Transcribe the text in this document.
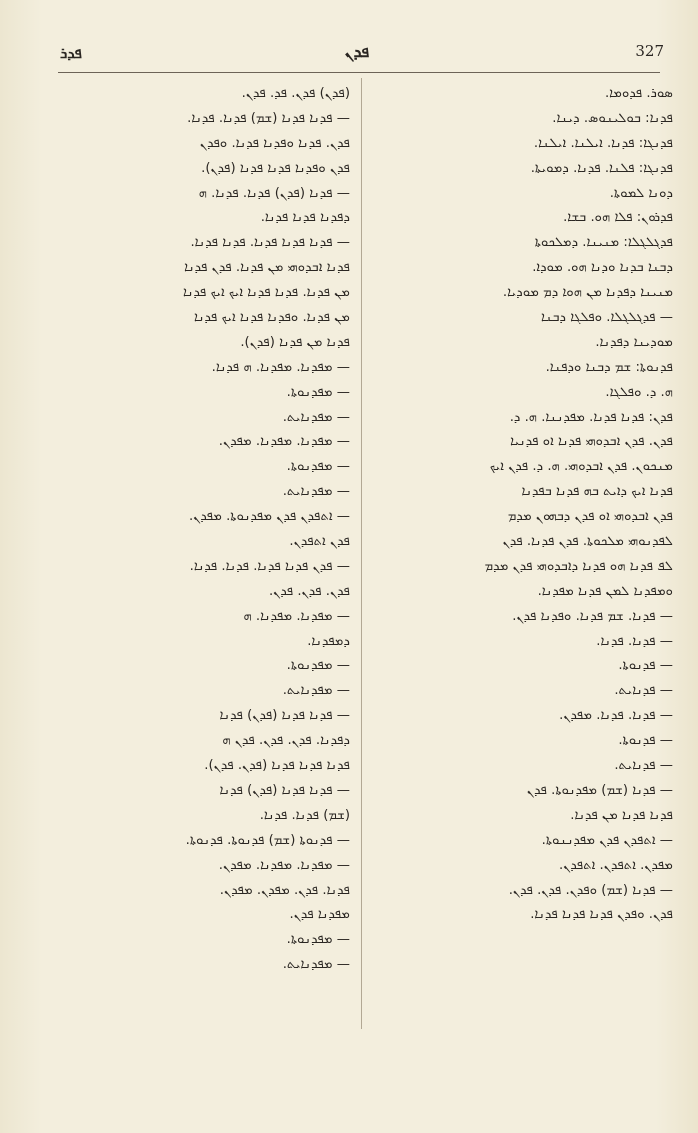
ܦܕܪ	ܦܕܢ	327
ܣܘܪ. ܦܕܘܡܐ.
ܦܕܢܐ: ܒܘܠܝܢܘܣ. ܕܝܢܐ.
ܦܕܢܓܐ: ܦܕܢܐ. ܐܝܠܢܐ. ܐܝܠܢܐ.
ܦܕܢܓܐ: ܦܠܢܐ. ܦܕܢܐ. ܕܡܘܝܬܐ.
ܕܘܢܐ ܠܡܘܬܐ.
ܦܕܪܘܢ: ܦܠܐ ܗܘ. ܒܫܐ.
ܦܕܓܠܓܠܐ: ܡܢܝܢܐ. ܕܡܠܟܘܬܐ
ܕܒܢܐ ܒܕܢܐ ܘܕܢܐ ܗܘ. ܡܘܕܐ.
ܡܢܝܢܐ ܕܦܕܢܐ ܡܢ ܗܘܐ ܕܡ ܡܘܕܝܐ.
— ܦܕܓܠܓܠܐ. ܘܦܠܓܐ ܕܒܢܐ
ܡܘܕܝܢܐ ܕܦܕܢܐ.
ܦܕܢܘܬܐ: ܫܡ ܕܒܢܐ ܘܕܦܢܐ.
ܗ. ܕ. ܘܦܠܓܐ.
ܦܕܢ: ܦܕܢܐ ܦܕܢܐ. ܡܦܕܢܢܐ. ܗ. ܕ.
ܦܕܢ. ܦܕܢ ܐܒܕܘܗܝ ܦܕܢܐ ܐܘ ܦܕܢܝܐ
ܡܢܟܘܢ. ܦܕܢ ܐܒܕܘܗܝ. ܗ. ܕ. ܦܕܢ ܐܝܟ
ܦܕܢܐ ܐܝܟ ܕܐܝܬ ܒܗ ܦܕܢܐ ܒܦܕܢܐ
ܦܕܢ ܐܒܕܘܗܝ ܐܘ ܦܕܢ ܕܒܗܘܢ ܡܕܡ
ܠܦܕܢܘܗܝ ܡܠܟܘܬܐ. ܦܕܢ ܦܕܢܐ. ܦܕܢ
ܠܦ ܦܕܢܐ ܗܘ ܦܕܢܐ ܕܐܒܕܘܗܝ ܦܕܢ ܡܕܡ
ܘܡܦܕܢܐ ܠܡܢ ܦܕܢܐ ܡܦܕܢܐ.
— ܦܕܢܐ. ܫܡ ܦܕܢܐ. ܘܦܕܢܐ ܦܕܢ.
— ܦܕܢܐ. ܦܕܢܐ.
— ܦܕܢܘܬܐ.
— ܦܕܢܐܝܬ.
— ܦܕܢܐ. ܦܕܢܐ. ܡܦܕܢ.
— ܦܕܢܘܬܐ.
— ܦܕܢܐܝܬ.
— ܦܕܢܐ (ܫܡ) ܡܦܕܢܘܬܐ. ܦܕܢ
ܦܕܢܐ ܦܕܢܐ ܡܢ ܦܕܢܐ.
— ܐܬܦܕܢ ܦܕܢ ܡܦܕܢܢܘܬܐ.
ܡܦܕܢ. ܐܬܦܕܢ. ܐܬܦܕܢ.
— ܦܕܢܐ (ܫܡ) ܘܦܕܢ. ܦܕܢ. ܦܕܢ.
ܦܕܢ. ܘܦܕܢ ܦܕܢܐ ܦܕܢܐ ܦܕܢܐ.
(ܦܕܢ) ܦܕܢ. ܦܕ. ܦܕܢ.
— ܦܕܢܐ ܦܕܢܐ (ܫܡ) ܦܕܢܐ. ܦܕܢܐ.
ܦܕܢ. ܦܕܢܐ ܘܦܕܢܐ ܦܕܢܐ. ܘܦܕܢ
ܦܕܢ ܘܦܕܢܐ ܦܕܢܐ ܦܕܢܐ (ܦܕܢ).
— ܦܕܢܐ (ܦܕܢ) ܦܕܢܐ. ܦܕܢܐ. ܗ
ܕܦܕܢܐ ܦܕܢܐ ܦܕܢܐ.
— ܦܕܢܐ ܦܕܢܐ ܦܕܢܐ. ܦܕܢܐ ܦܕܢܐ.
ܦܕܢܐ ܐܒܕܘܗܝ ܡܢ ܦܕܢܐ. ܦܕܢ ܦܕܢܐ
ܡܢ ܦܕܢܐ. ܦܕܢܐ ܦܕܢܐ ܐܝܟ ܐܝܟ ܦܕܢܐ
ܡܢ ܦܕܢܐ. ܘܦܕܢܐ ܦܕܢܐ ܐܝܟ ܦܕܢܐ
ܦܕܢܐ ܡܢ ܦܕܢܐ (ܦܕܢ).
— ܡܦܕܢܐ. ܡܦܕܢܐ. ܗ ܦܕܢܐ.
— ܡܦܕܢܘܬܐ.
— ܡܦܕܢܐܝܬ.
— ܡܦܕܢܐ. ܡܦܕܢܐ. ܡܦܕܢ.
— ܡܦܕܢܘܬܐ.
— ܡܦܕܢܐܝܬ.
— ܐܬܦܕܢ ܦܕܢ ܡܦܕܢܘܬܐ. ܡܦܕܢ.
ܦܕܢ ܐܬܦܕܢ.
— ܦܕܢ ܦܕܢܐ ܦܕܢܐ. ܦܕܢܐ. ܦܕܢܐ.
ܦܕܢ. ܦܕܢ. ܦܕܢ.
— ܡܦܕܢܐ. ܡܦܕܢܐ. ܗ
ܕܡܦܕܢܐ.
— ܡܦܕܢܘܬܐ.
— ܡܦܕܢܐܝܬ.
— ܦܕܢܐ ܦܕܢܐ (ܦܕܢ) ܦܕܢܐ
ܕܦܕܢܐ. ܦܕܢ. ܦܕܢ. ܦܕܢ ܗ
ܦܕܢܐ ܦܕܢܐ ܦܕܢܐ (ܦܕܢ. ܦܕܢ).
— ܦܕܢܐ ܦܕܢܐ (ܦܕܢ) ܦܕܢܐ
(ܫܡ) ܦܕܢܐ. ܦܕܢܐ.
— ܦܕܢܘܬܐ (ܫܡ) ܦܕܢܘܬܐ. ܦܕܢܘܬܐ.
— ܡܦܕܢܐ. ܡܦܕܢܐ. ܡܦܕܢ.
ܦܕܢܐ. ܦܕܢ. ܡܦܕܢ. ܡܦܕܢ.
ܡܦܕܢܐ ܦܕܢ.
— ܡܦܕܢܘܬܐ.
— ܡܦܕܢܐܝܬ.
